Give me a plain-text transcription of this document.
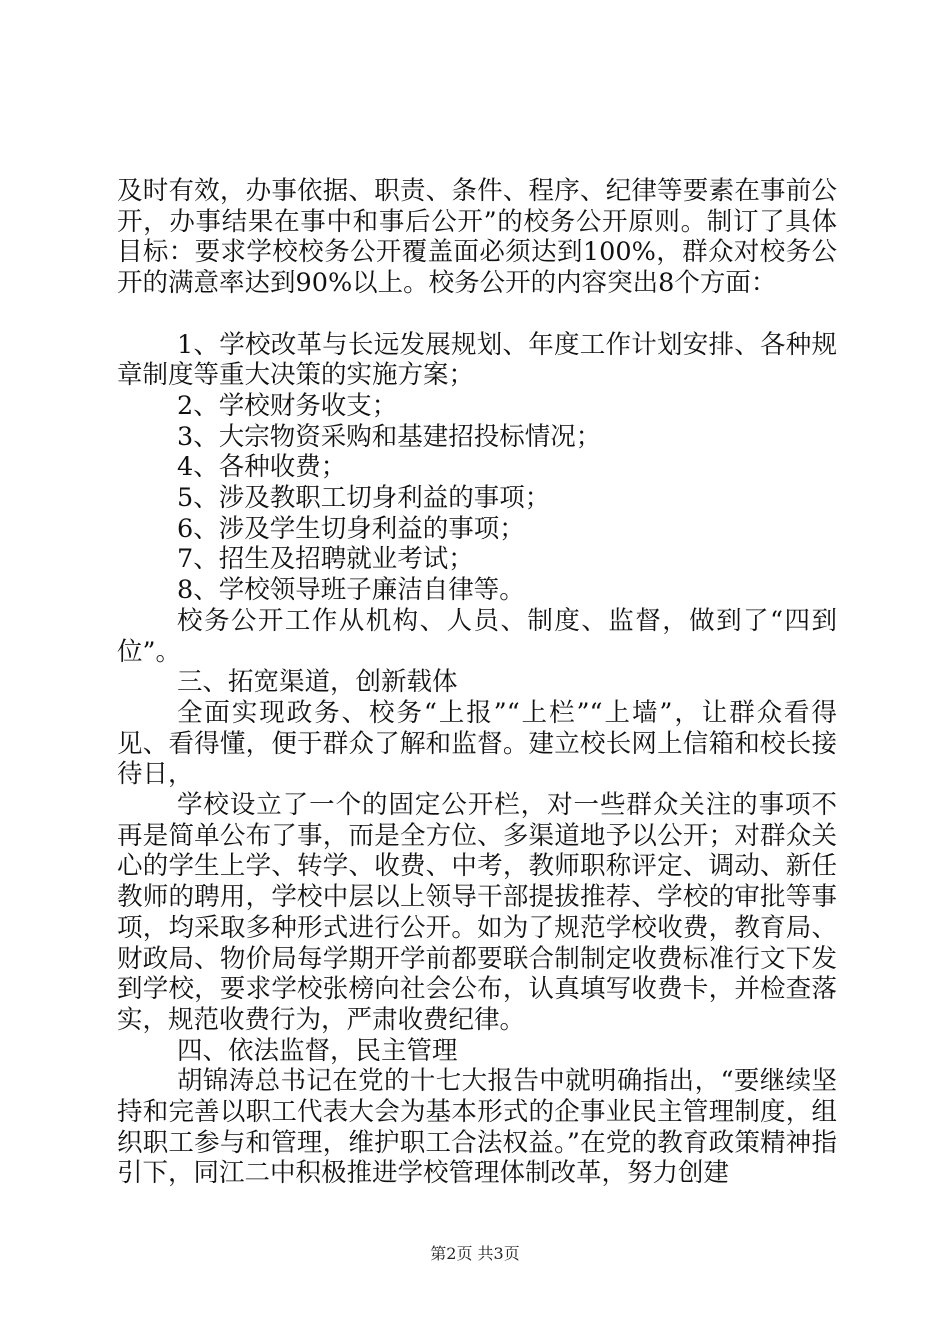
及时有效，办事依据、职责、条件、程序、纪律等要素在事前公开，办事结果在事中和事后公开”的校务公开原则。制订了具体目标：要求学校校务公开覆盖面必须达到100%，群众对校务公开的满意率达到90%以上。校务公开的内容突出8个方面：

1、学校改革与长远发展规划、年度工作计划安排、各种规章制度等重大决策的实施方案；

2、学校财务收支；

3、大宗物资采购和基建招投标情况；

4、各种收费；

5、涉及教职工切身利益的事项；

6、涉及学生切身利益的事项；

7、招生及招聘就业考试；

8、学校领导班子廉洁自律等。

校务公开工作从机构、人员、制度、监督，做到了“四到位”。

三、拓宽渠道，创新载体

全面实现政务、校务“上报”“上栏”“上墙”，让群众看得见、看得懂，便于群众了解和监督。建立校长网上信箱和校长接待日，

学校设立了一个的固定公开栏，对一些群众关注的事项不再是简单公布了事，而是全方位、多渠道地予以公开；对群众关心的学生上学、转学、收费、中考，教师职称评定、调动、新任教师的聘用，学校中层以上领导干部提拔推荐、学校的审批等事项，均采取多种形式进行公开。如为了规范学校收费，教育局、财政局、物价局每学期开学前都要联合制制定收费标准行文下发到学校，要求学校张榜向社会公布，认真填写收费卡，并检查落实，规范收费行为，严肃收费纪律。

四、依法监督，民主管理

胡锦涛总书记在党的十七大报告中就明确指出，“要继续坚持和完善以职工代表大会为基本形式的企事业民主管理制度，组织职工参与和管理，维护职工合法权益。”在党的教育政策精神指引下，同江二中积极推进学校管理体制改革，努力创建

第2页 共3页
